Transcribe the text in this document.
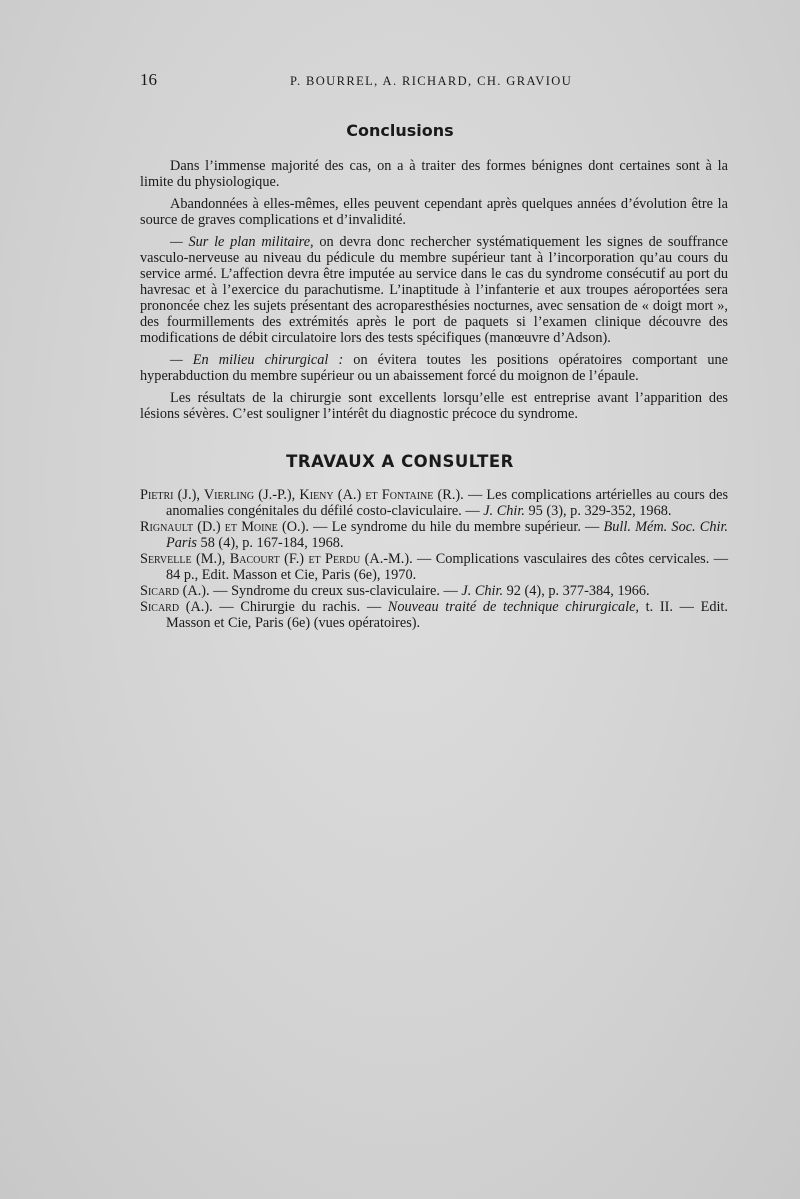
16	P. BOURREL, A. RICHARD, CH. GRAVIOU
Conclusions

Dans l’immense majorité des cas, on a à traiter des formes bénignes dont certaines sont à la limite du physiologique.

Abandonnées à elles-mêmes, elles peuvent cependant après quelques années d’évolution être la source de graves complications et d’invalidité.

— Sur le plan militaire, on devra donc rechercher systématiquement les signes de souffrance vasculo-nerveuse au niveau du pédicule du membre supérieur tant à l’incorporation qu’au cours du service armé. L’affection devra être imputée au service dans le cas du syndrome consécutif au port du havresac et à l’exercice du parachutisme. L’inaptitude à l’infanterie et aux troupes aéroportées sera prononcée chez les sujets présentant des acroparesthésies nocturnes, avec sensation de « doigt mort », des fourmillements des extrémités après le port de paquets si l’examen clinique découvre des modifications de débit circulatoire lors des tests spécifiques (manœuvre d’Adson).

— En milieu chirurgical : on évitera toutes les positions opératoires comportant une hyperabduction du membre supérieur ou un abaissement forcé du moignon de l’épaule.

Les résultats de la chirurgie sont excellents lorsqu’elle est entreprise avant l’apparition des lésions sévères. C’est souligner l’intérêt du diagnostic précoce du syndrome.

TRAVAUX A CONSULTER

Pietri (J.), Vierling (J.-P.), Kieny (A.) et Fontaine (R.). — Les complications artérielles au cours des anomalies congénitales du défilé costo-claviculaire. — J. Chir. 95 (3), p. 329-352, 1968.

Rignault (D.) et Moine (O.). — Le syndrome du hile du membre supérieur. — Bull. Mém. Soc. Chir. Paris 58 (4), p. 167-184, 1968.

Servelle (M.), Bacourt (F.) et Perdu (A.-M.). — Complications vasculaires des côtes cervicales. — 84 p., Edit. Masson et Cie, Paris (6e), 1970.

Sicard (A.). — Syndrome du creux sus-claviculaire. — J. Chir. 92 (4), p. 377-384, 1966.

Sicard (A.). — Chirurgie du rachis. — Nouveau traité de technique chirurgicale, t. II. — Edit. Masson et Cie, Paris (6e) (vues opératoires).
